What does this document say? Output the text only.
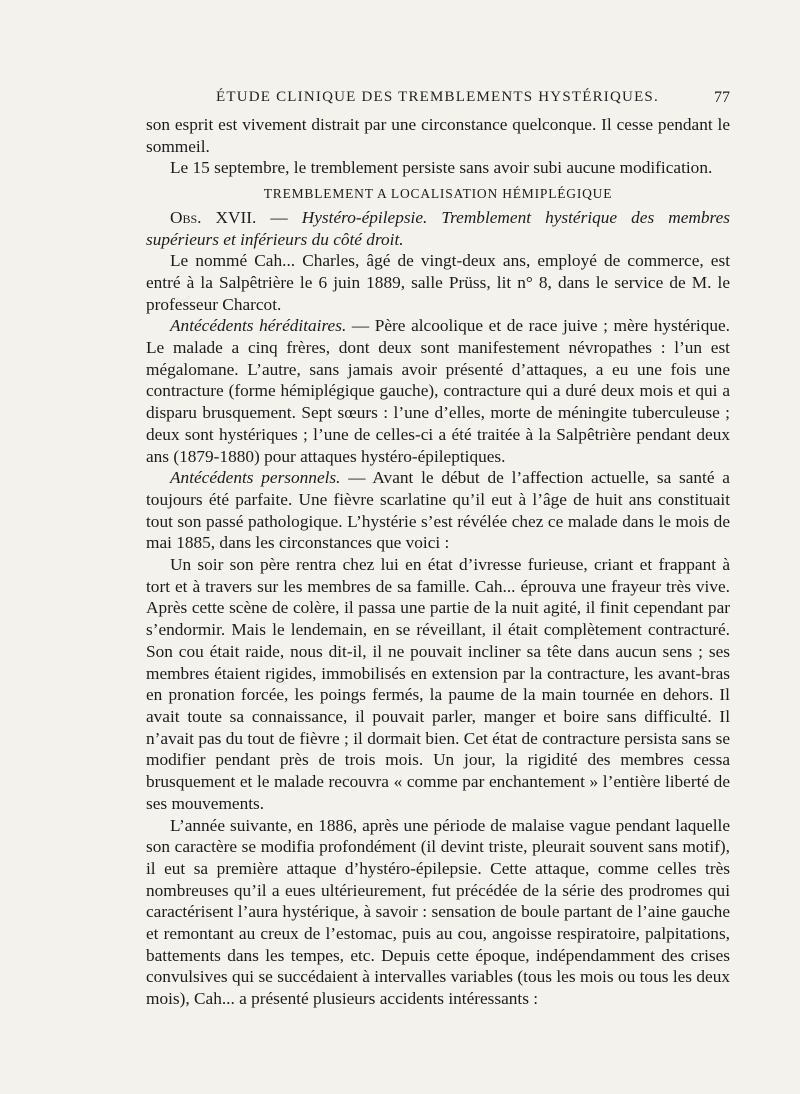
ÉTUDE CLINIQUE DES TREMBLEMENTS HYSTÉRIQUES.	77

son esprit est vivement distrait par une circonstance quelconque. Il cesse pendant le sommeil.

Le 15 septembre, le tremblement persiste sans avoir subi aucune modification.

TREMBLEMENT A LOCALISATION HÉMIPLÉGIQUE

Obs. XVII. — Hystéro-épilepsie. Tremblement hystérique des membres supérieurs et inférieurs du côté droit.

Le nommé Cah... Charles, âgé de vingt-deux ans, employé de commerce, est entré à la Salpêtrière le 6 juin 1889, salle Prüss, lit n° 8, dans le service de M. le professeur Charcot.

Antécédents héréditaires. — Père alcoolique et de race juive ; mère hystérique. Le malade a cinq frères, dont deux sont manifestement névropathes : l’un est mégalomane. L’autre, sans jamais avoir présenté d’attaques, a eu une fois une contracture (forme hémiplégique gauche), contracture qui a duré deux mois et qui a disparu brusquement. Sept sœurs : l’une d’elles, morte de méningite tuberculeuse ; deux sont hystériques ; l’une de celles-ci a été traitée à la Salpêtrière pendant deux ans (1879-1880) pour attaques hystéro-épileptiques.

Antécédents personnels. — Avant le début de l’affection actuelle, sa santé a toujours été parfaite. Une fièvre scarlatine qu’il eut à l’âge de huit ans constituait tout son passé pathologique. L’hystérie s’est révélée chez ce malade dans le mois de mai 1885, dans les circonstances que voici :

Un soir son père rentra chez lui en état d’ivresse furieuse, criant et frappant à tort et à travers sur les membres de sa famille. Cah... éprouva une frayeur très vive. Après cette scène de colère, il passa une partie de la nuit agité, il finit cependant par s’endormir. Mais le lendemain, en se réveillant, il était complètement contracturé. Son cou était raide, nous dit-il, il ne pouvait incliner sa tête dans aucun sens ; ses membres étaient rigides, immobilisés en extension par la contracture, les avant-bras en pronation forcée, les poings fermés, la paume de la main tournée en dehors. Il avait toute sa connaissance, il pouvait parler, manger et boire sans difficulté. Il n’avait pas du tout de fièvre ; il dormait bien. Cet état de contracture persista sans se modifier pendant près de trois mois. Un jour, la rigidité des membres cessa brusquement et le malade recouvra « comme par enchantement » l’entière liberté de ses mouvements.

L’année suivante, en 1886, après une période de malaise vague pendant laquelle son caractère se modifia profondément (il devint triste, pleurait souvent sans motif), il eut sa première attaque d’hystéro-épilepsie. Cette attaque, comme celles très nombreuses qu’il a eues ultérieurement, fut précédée de la série des prodromes qui caractérisent l’aura hystérique, à savoir : sensation de boule partant de l’aine gauche et remontant au creux de l’estomac, puis au cou, angoisse respiratoire, palpitations, battements dans les tempes, etc. Depuis cette époque, indépendamment des crises convulsives qui se succédaient à intervalles variables (tous les mois ou tous les deux mois), Cah... a présenté plusieurs accidents intéressants :
